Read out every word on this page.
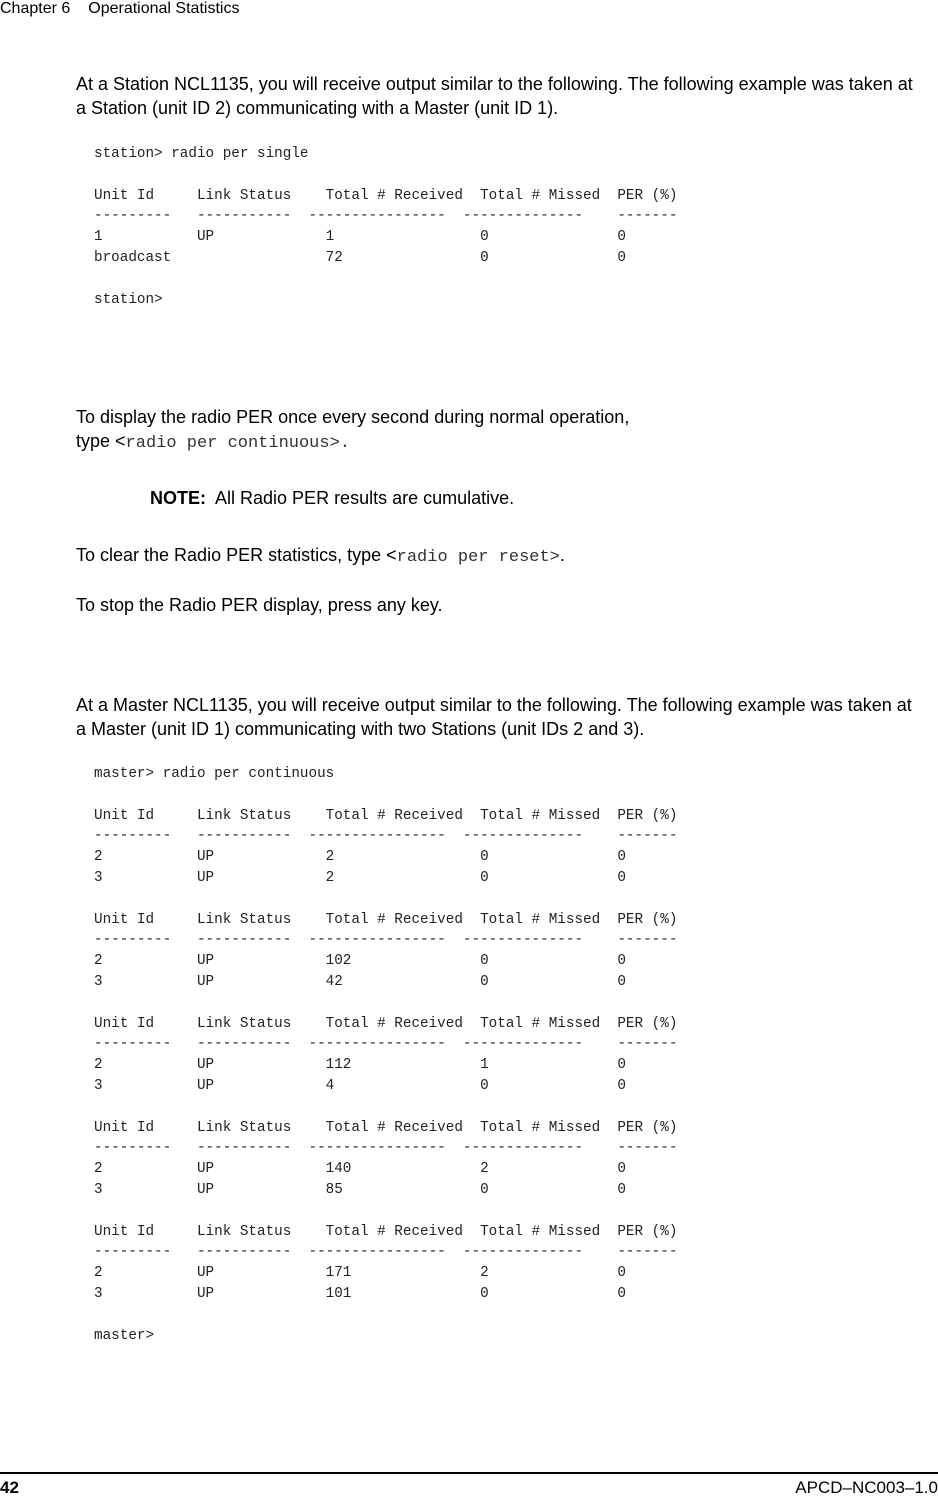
Chapter 6 Operational Statistics
At a Station NCL1135, you will receive output similar to the following. The following example was taken at a Station (unit ID 2) communicating with a Master (unit ID 1).
station> radio per single

Unit Id     Link Status    Total # Received  Total # Missed  PER (%)
---------   -----------  ----------------  --------------    -------
1           UP             1                 0               0
broadcast                  72                0               0

station>
To display the radio PER once every second during normal operation,
type <radio per continuous>.
NOTE: All Radio PER results are cumulative.
To clear the Radio PER statistics, type <radio per reset>.
To stop the Radio PER display, press any key.
At a Master NCL1135, you will receive output similar to the following. The following example was taken at a Master (unit ID 1) communicating with two Stations (unit IDs 2 and 3).
master> radio per continuous

Unit Id     Link Status    Total # Received  Total # Missed  PER (%)
---------   -----------  ----------------  --------------    -------
2           UP             2                 0               0
3           UP             2                 0               0

Unit Id     Link Status    Total # Received  Total # Missed  PER (%)
---------   -----------  ----------------  --------------    -------
2           UP             102               0               0
3           UP             42                0               0

Unit Id     Link Status    Total # Received  Total # Missed  PER (%)
---------   -----------  ----------------  --------------    -------
2           UP             112               1               0
3           UP             4                 0               0

Unit Id     Link Status    Total # Received  Total # Missed  PER (%)
---------   -----------  ----------------  --------------    -------
2           UP             140               2               0
3           UP             85                0               0

Unit Id     Link Status    Total # Received  Total # Missed  PER (%)
---------   -----------  ----------------  --------------    -------
2           UP             171               2               0
3           UP             101               0               0

master>
42	APCD–NC003–1.0
